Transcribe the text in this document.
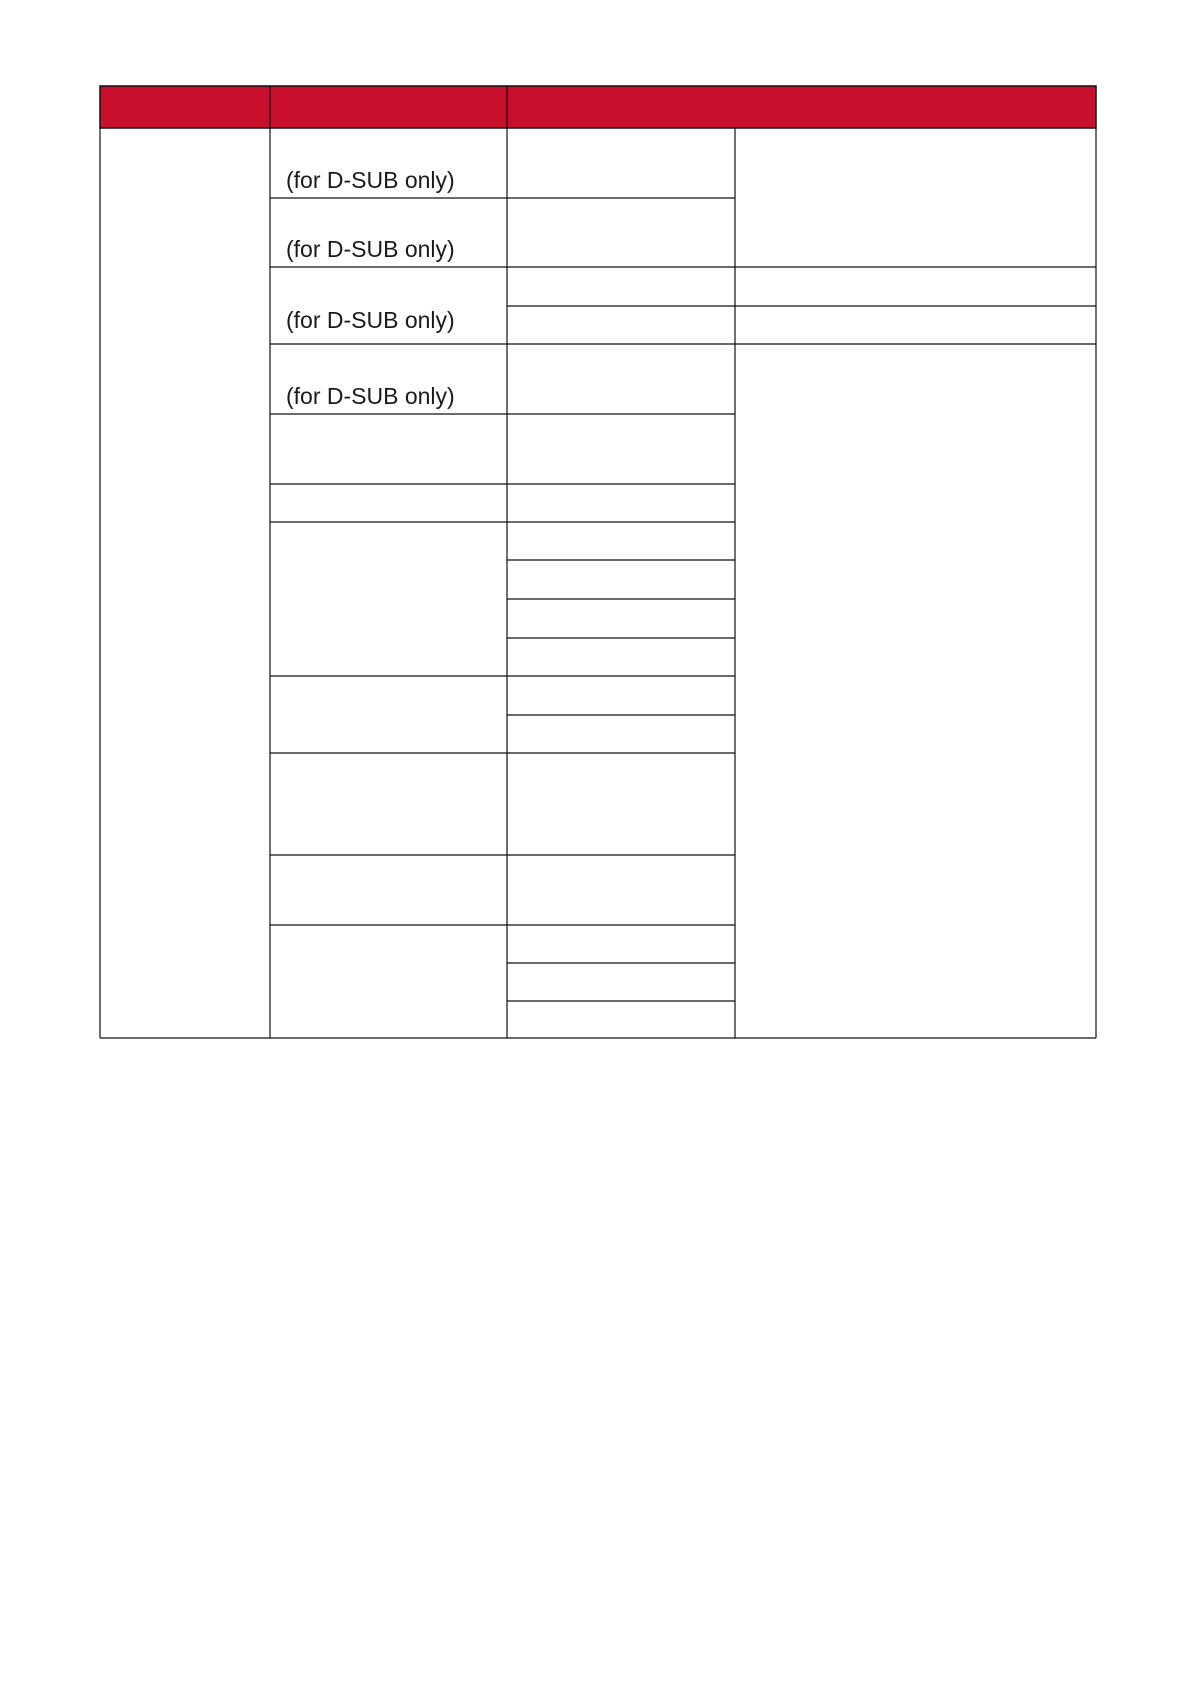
(for D-SUB only)
(for D-SUB only)
(for D-SUB only)
(for D-SUB only)
